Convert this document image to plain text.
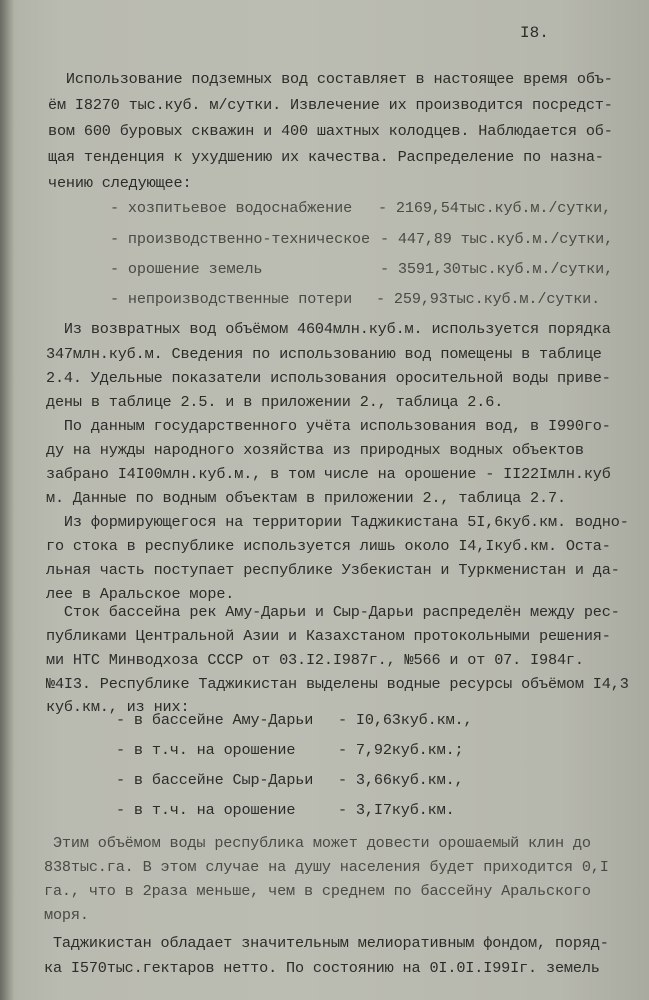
I8.
Использование подземных вод составляет в настоящее время объ-
ём I8270 тыс.куб. м/сутки. Извлечение их производится посредст-
вом 600 буровых скважин и 400 шахтных колодцев. Наблюдается об-
щая тенденция к ухудшению их качества. Распределение по назна-
чению следующее:
- хозпитьевое водоснабжение - 2169,54тыс.куб.м./сутки,
- производственно-техническое - 447,89 тыс.куб.м./сутки,
- орошение земель	- 3591,30тыс.куб.м./сутки,
- непроизводственные потери - 259,93тыс.куб.м./сутки.
Из возвратных вод объёмом 4604млн.куб.м. используется порядка
347млн.куб.м. Сведения по использованию вод помещены в таблице
2.4. Удельные показатели использования оросительной воды приве-
дены в таблице 2.5. и в приложении 2., таблица 2.6.
По данным государственного учёта использования вод, в I990го-
ду на нужды народного хозяйства из природных водных объектов
забрано I4I00млн.куб.м., в том числе на орошение - II22Iмлн.куб
м. Данные по водным объектам в приложении 2., таблица 2.7.
Из формирующегося на территории Таджикистана 5I,6куб.км. водно-
го стока в республике используется лишь около I4,Iкуб.км. Оста-
льная часть поступает республике Узбекистан и Туркменистан и да-
лее в Аральское море.
Сток бассейна рек Аму-Дарьи и Сыр-Дарьи распределён между рес-
публиками Центральной Азии и Казахстаном протокольными решения-
ми НТС Минводхоза СССР от 03.I2.I987г., №566 и от 07. I984г.
№4I3. Республике Таджикистан выделены водные ресурсы объёмом I4,3
куб.км., из них:
- в бассейне Аму-Дарьи - I0,63куб.км.,
- в т.ч. на орошение	- 7,92куб.км.;
- в бассейне Сыр-Дарьи - 3,66куб.км.,
- в т.ч. на орошение	- 3,I7куб.км.
Этим объёмом воды республика может довести орошаемый клин до
838тыс.га. В этом случае на душу населения будет приходится 0,I
га., что в 2раза меньше, чем в среднем по бассейну Аральского
моря.
Таджикистан обладает значительным мелиоративным фондом, поряд-
ка I570тыс.гектаров нетто. По состоянию на 0I.0I.I99Iг. земель
